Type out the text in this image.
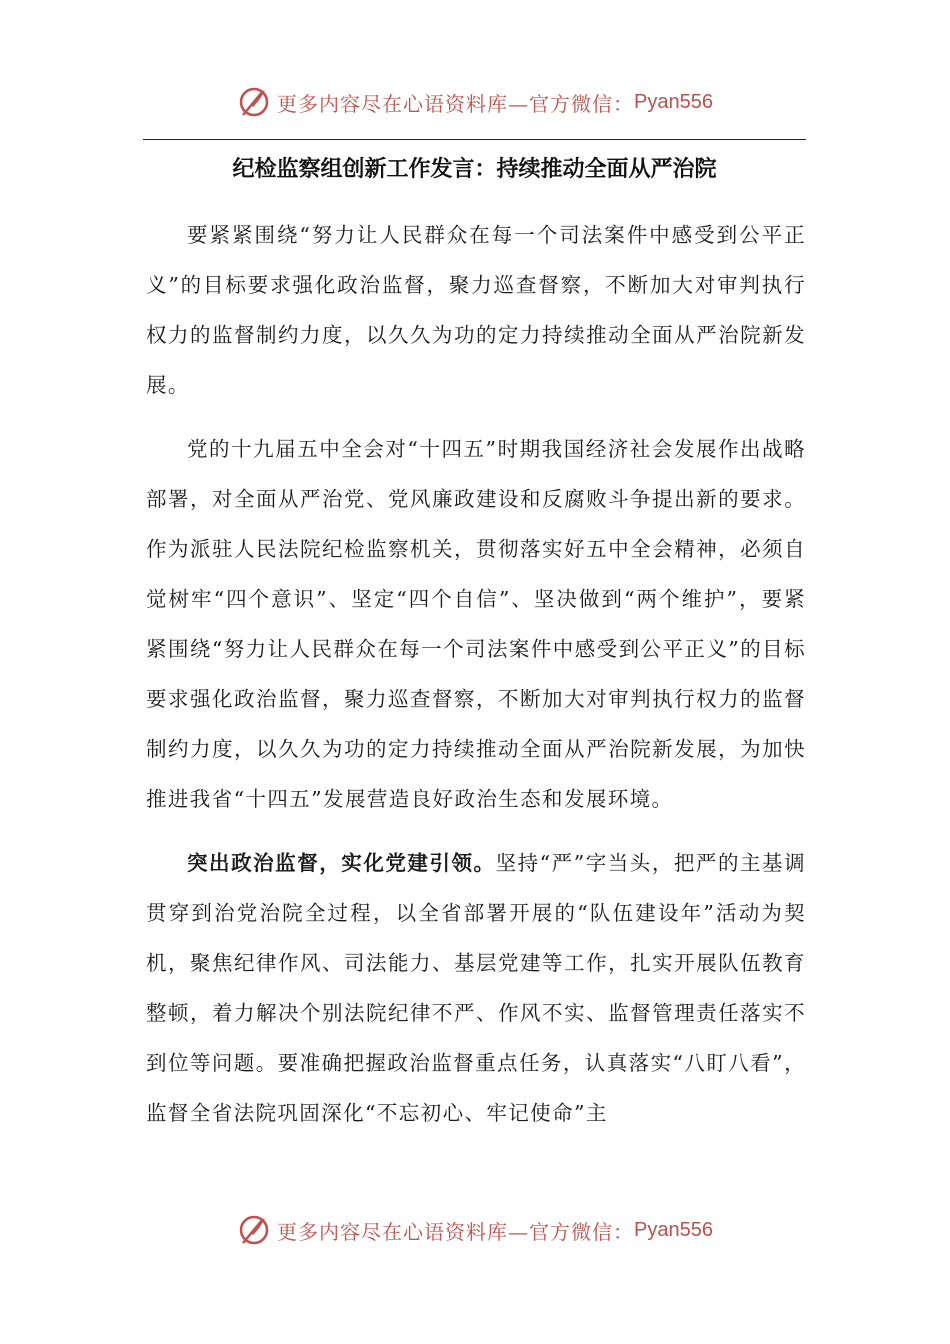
更多内容尽在心语资料库—官方微信： Pyan556
纪检监察组创新工作发言：持续推动全面从严治院

要紧紧围绕“努力让人民群众在每一个司法案件中感受到公平正义”的目标要求强化政治监督，聚力巡查督察，不断加大对审判执行权力的监督制约力度，以久久为功的定力持续推动全面从严治院新发展。

党的十九届五中全会对“十四五”时期我国经济社会发展作出战略部署，对全面从严治党、党风廉政建设和反腐败斗争提出新的要求。作为派驻人民法院纪检监察机关，贯彻落实好五中全会精神，必须自觉树牢“四个意识”、坚定“四个自信”、坚决做到“两个维护”，要紧紧围绕“努力让人民群众在每一个司法案件中感受到公平正义”的目标要求强化政治监督，聚力巡查督察，不断加大对审判执行权力的监督制约力度，以久久为功的定力持续推动全面从严治院新发展，为加快推进我省“十四五”发展营造良好政治生态和发展环境。

突出政治监督，实化党建引领。坚持“严”字当头，把严的主基调贯穿到治党治院全过程，以全省部署开展的“队伍建设年”活动为契机，聚焦纪律作风、司法能力、基层党建等工作，扎实开展队伍教育整顿，着力解决个别法院纪律不严、作风不实、监督管理责任落实不到位等问题。要准确把握政治监督重点任务，认真落实“八盯八看”，监督全省法院巩固深化“不忘初心、牢记使命”主

更多内容尽在心语资料库—官方微信： Pyan556
